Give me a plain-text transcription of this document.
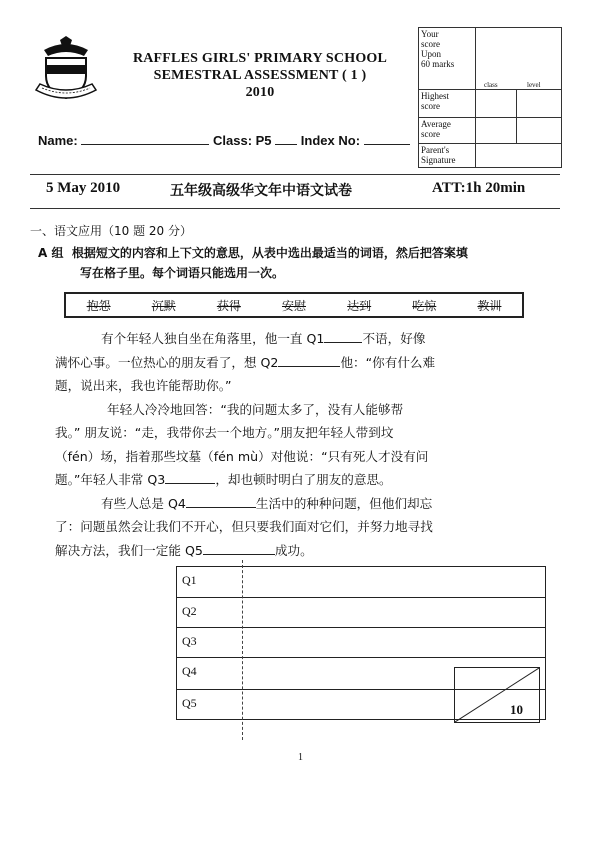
RAFFLES GIRLS' PRIMARY SCHOOL
SEMESTRAL ASSESSMENT ( 1 )
2010
Name:	Class: P5 Index No:
Your
score
Upon
60 marks		
Highest
score	class	level

Average
score		
Parent's
Signature		
5 May 2010	五年级高级华文年中语文试卷	ATT:1h 20min
一、语文应用（10 题 20 分）
A 组 根据短文的内容和上下文的意思，从表中选出最适当的词语，然后把答案填
写在格子里。每个词语只能选用一次。
抱怨	沉默	获得	安慰	达到	吃惊	教训
有个年轻人独自坐在角落里，他一直 Q1	不语，好像
满怀心事。一位热心的朋友看了，想 Q2	他：“你有什么难
题，说出来，我也许能帮助你。”
年轻人冷冷地回答：“我的问题太多了，没有人能够帮
我。” 朋友说：“走，我带你去一个地方。”朋友把年轻人带到坟
（fén）场，指着那些坟墓（fén mù）对他说：“只有死人才没有问
题。”年轻人非常 Q3	，却也顿时明白了朋友的意思。
有些人总是 Q4	生活中的种种问题，但他们却忘
了：问题虽然会让我们不开心，但只要我们面对它们，并努力地寻找
解决方法，我们一定能 Q5	成功。
Q1
Q2
Q3
Q4
Q5	10
1
